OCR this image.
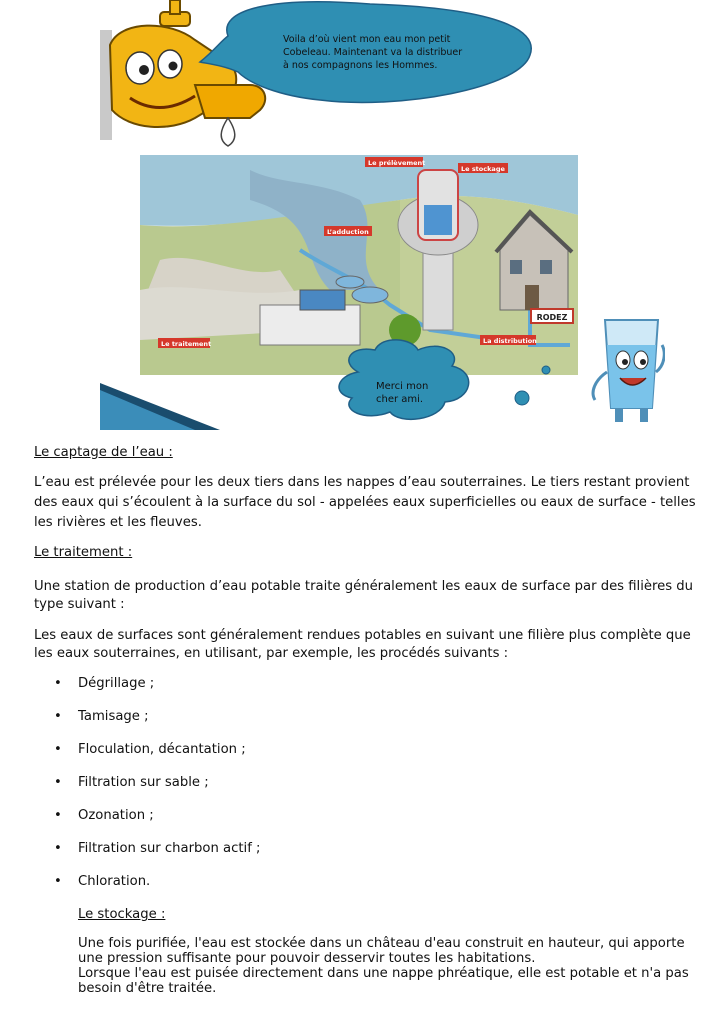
Voila d’où vient mon eau mon petit Cobeleau. Maintenant va la distribuer à nos compagnons les Hommes.
RODEZ
Le prélèvement
Le stockage
L’adduction
Le traitement	La distribution
Merci mon cher ami.
Le captage de l’eau :

L’eau est prélevée pour les deux tiers dans les nappes d’eau souterraines. Le tiers restant provient des eaux qui s’écoulent à la surface du sol - appelées eaux superficielles ou eaux de surface - telles les rivières et les fleuves.

Le traitement :

Une station de production d’eau potable traite généralement les eaux de surface par des filières du type suivant :

Les eaux de surfaces sont généralement rendues potables en suivant une filière plus complète que les eaux souterraines, en utilisant, par exemple, les procédés suivants :

• Dégrillage ;
• Tamisage ;
• Floculation, décantation ;
• Filtration sur sable ;
• Ozonation ;
• Filtration sur charbon actif ;
• Chloration.
Le stockage :

Une fois purifiée, l'eau est stockée dans un château d'eau construit en hauteur, qui apporte une pression suffisante pour pouvoir desservir toutes les habitations.
Lorsque l'eau est puisée directement dans une nappe phréatique, elle est potable et n'a pas besoin d'être traitée.
